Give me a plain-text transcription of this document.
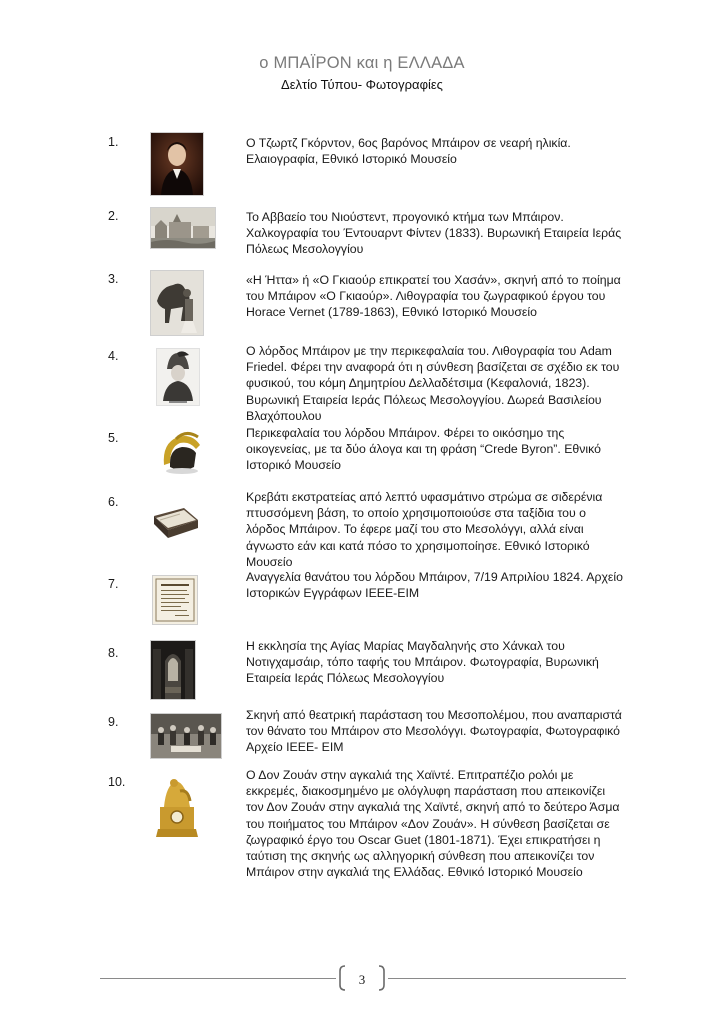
ο ΜΠΑΪΡΟΝ και η ΕΛΛΑΔΑ
Δελτίο Τύπου- Φωτογραφίες
1.	Ο Τζωρτζ Γκόρντον, 6ος βαρόνος Μπάιρον σε νεαρή ηλικία. Ελαιογραφία, Εθνικό Ιστορικό Μουσείο
2.	Το Αββαείο του Νιούστεντ, προγονικό κτήμα των Μπάιρον. Χαλκογραφία του Έντουαρντ Φίντεν (1833). Βυρωνική Εταιρεία Ιεράς Πόλεως Μεσολογγίου
3.	«Η Ήττα» ή «Ο Γκιαούρ επικρατεί του Χασάν», σκηνή από το ποίημα του Μπάιρον «Ο Γκιαούρ». Λιθογραφία του ζωγραφικού έργου του Horace Vernet (1789-1863), Εθνικό Ιστορικό Μουσείο
4.	Ο λόρδος Μπάιρον με την περικεφαλαία του. Λιθογραφία του Adam Friedel. Φέρει την αναφορά ότι η σύνθεση βασίζεται σε σχέδιο εκ του φυσικού, του κόμη Δημητρίου Δελλαδέτσιμα (Κεφαλονιά, 1823). Βυρωνική Εταιρεία Ιεράς Πόλεως Μεσολογγίου. Δωρεά Βασιλείου Βλαχόπουλου
5.	Περικεφαλαία του λόρδου Μπάιρον. Φέρει το οικόσημο της οικογενείας, με τα δύο άλογα και τη φράση “Crede Byron”. Εθνικό Ιστορικό Μουσείο
6.	Κρεβάτι εκστρατείας από λεπτό υφασμάτινο στρώμα σε σιδερένια πτυσσόμενη βάση, το οποίο χρησιμοποιούσε στα ταξίδια του ο λόρδος Μπάιρον. Το έφερε μαζί του στο Μεσολόγγι, αλλά είναι άγνωστο εάν και κατά πόσο το χρησιμοποίησε. Εθνικό Ιστορικό Μουσείο
7.	Αναγγελία θανάτου του λόρδου Μπάιρον, 7/19 Απριλίου 1824. Αρχείο Ιστορικών Εγγράφων ΙΕΕΕ-ΕΙΜ
8.	Η εκκλησία της Αγίας Μαρίας Μαγδαληνής στο Χάνκαλ του Νοτιγχαμσάιρ, τόπο ταφής του Μπάιρον. Φωτογραφία, Βυρωνική Εταιρεία Ιεράς Πόλεως Μεσολογγίου
9.	Σκηνή από θεατρική παράσταση του Μεσοπολέμου, που αναπαριστά τον θάνατο του Μπάιρον στο Μεσολόγγι. Φωτογραφία, Φωτογραφικό Αρχείο ΙΕΕΕ- ΕΙΜ
10.	Ο Δον Ζουάν στην αγκαλιά της Χαϊντέ. Επιτραπέζιο ρολόι με εκκρεμές, διακοσμημένο με ολόγλυφη παράσταση που απεικονίζει τον Δον Ζουάν στην αγκαλιά της Χαϊντέ, σκηνή από το δεύτερο Άσμα του ποιήματος του Μπάιρον «Δον Ζουάν». Η σύνθεση βασίζεται σε ζωγραφικό έργο του Oscar Guet (1801-1871). Έχει επικρατήσει η ταύτιση της σκηνής ως αλληγορική σύνθεση που απεικονίζει τον Μπάιρον στην αγκαλιά της Ελλάδας. Εθνικό Ιστορικό Μουσείο
3
